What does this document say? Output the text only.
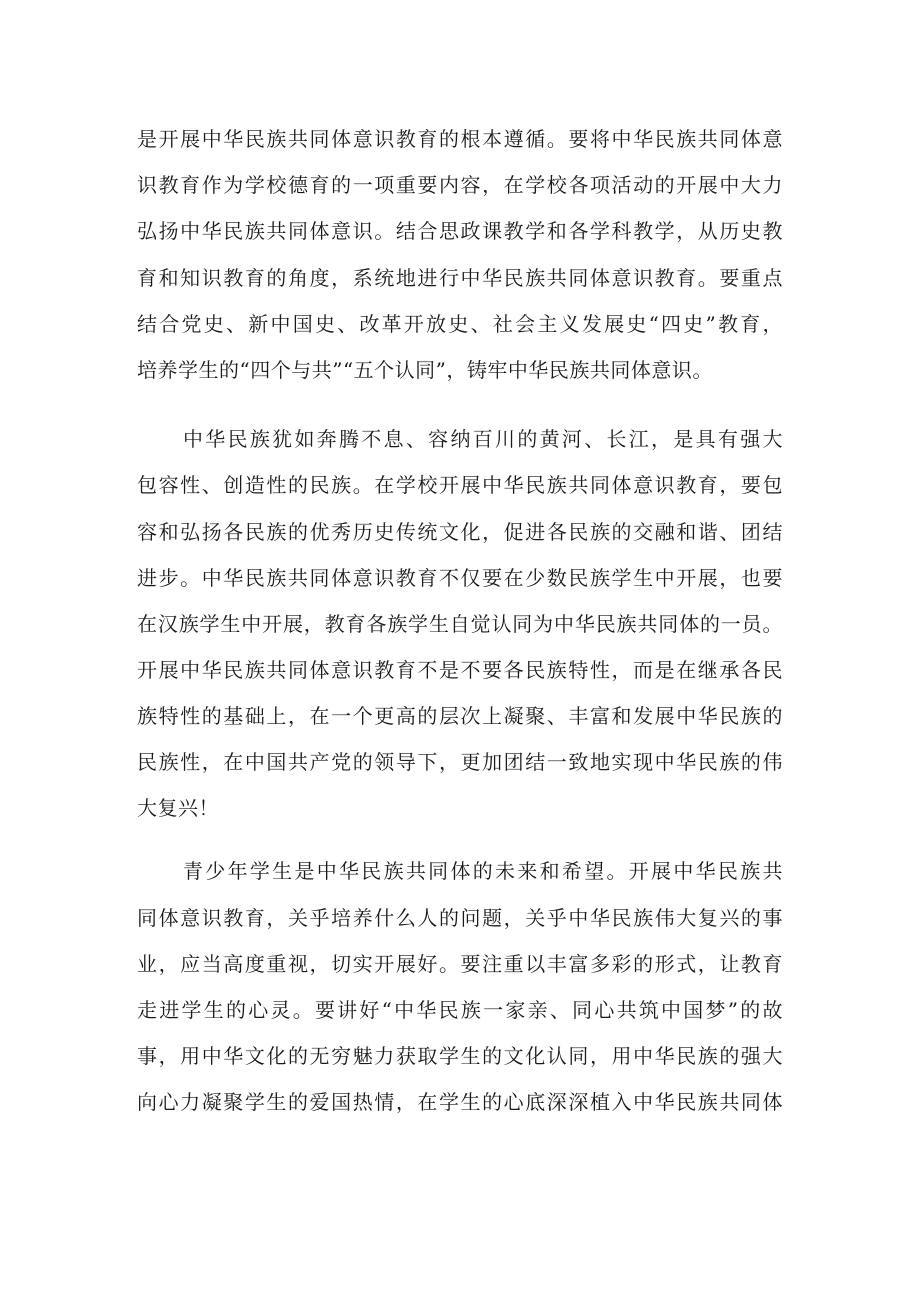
是开展中华民族共同体意识教育的根本遵循。要将中华民族共同体意
识教育作为学校德育的一项重要内容，在学校各项活动的开展中大力
弘扬中华民族共同体意识。结合思政课教学和各学科教学，从历史教
育和知识教育的角度，系统地进行中华民族共同体意识教育。要重点
结合党史、新中国史、改革开放史、社会主义发展史“四史”教育，
培养学生的“四个与共”“五个认同”，铸牢中华民族共同体意识。
中华民族犹如奔腾不息、容纳百川的黄河、长江，是具有强大
包容性、创造性的民族。在学校开展中华民族共同体意识教育，要包
容和弘扬各民族的优秀历史传统文化，促进各民族的交融和谐、团结
进步。中华民族共同体意识教育不仅要在少数民族学生中开展，也要
在汉族学生中开展，教育各族学生自觉认同为中华民族共同体的一员。
开展中华民族共同体意识教育不是不要各民族特性，而是在继承各民
族特性的基础上，在一个更高的层次上凝聚、丰富和发展中华民族的
民族性，在中国共产党的领导下，更加团结一致地实现中华民族的伟
大复兴！
青少年学生是中华民族共同体的未来和希望。开展中华民族共
同体意识教育，关乎培养什么人的问题，关乎中华民族伟大复兴的事
业，应当高度重视，切实开展好。要注重以丰富多彩的形式，让教育
走进学生的心灵。要讲好“中华民族一家亲、同心共筑中国梦”的故
事，用中华文化的无穷魅力获取学生的文化认同，用中华民族的强大
向心力凝聚学生的爱国热情，在学生的心底深深植入中华民族共同体
